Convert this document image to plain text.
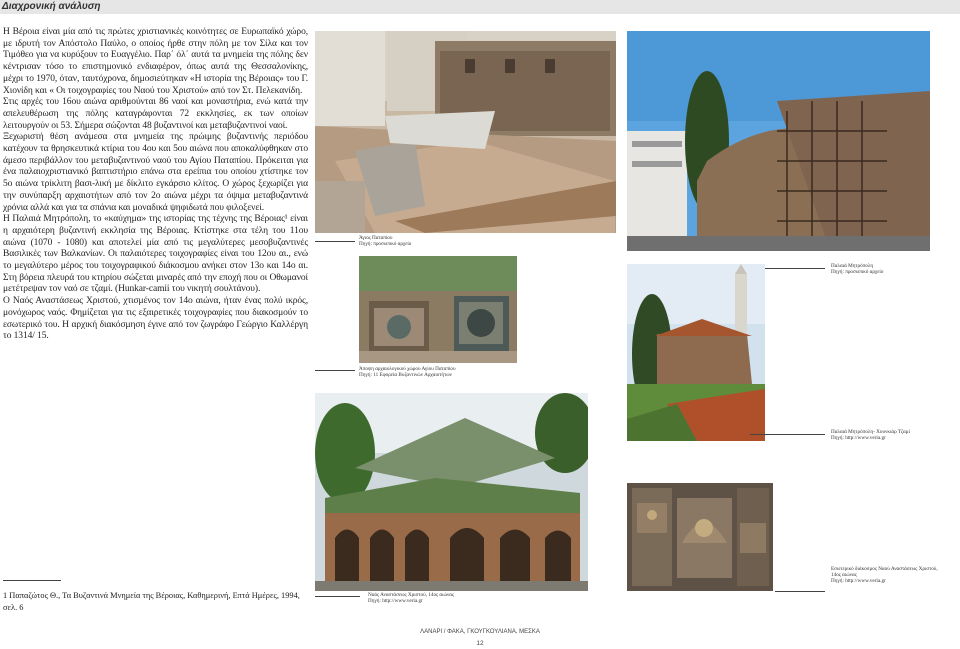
Διαχρονική ανάλυση

Η Βέροια είναι μία από τις πρώτες χριστιανικές κοινότητες σε Ευρωπαϊκό χώρο, με ιδρυτή τον Απόστολο Παύλο, ο οποίος ήρθε στην πόλη με τον Σίλα και τον Τιμόθεο για να κυρύξουν το Ευαγγέλιο. Παρ΄ όλ΄ αυτά τα μνημεία της πόλης δεν κέντρισαν τόσο το επιστημονικό ενδιαφέρον, όπως αυτά της Θεσσαλονίκης, μέχρι το 1970, όταν, ταυτόχρονα, δημοσιεύτηκαν «Η ιστορία της Βέροιας» του Γ. Χιονίδη και « Οι τοιχογραφίες του Ναού του Χριστού» από τον Στ. Πελεκανίδη.

Στις αρχές του 16ου αιώνα αριθμούνται 86 ναοί και μοναστήρια, ενώ κατά την απελευθέρωση της πόλης καταγράφονται 72 εκκλησίες, εκ των οποίων λειτουργούν οι 53. Σήμερα σώζονται 48 βυζαντινοί και μεταβυζαντινοί ναοί.

Ξεχωριστή θέση ανάμεσα στα μνημεία της πρώιμης βυζαντινής περιόδου κατέχουν τα θρησκευτικά κτίρια του 4ου και 5ου αιώνα που αποκαλύφθηκαν στο άμεσο περιβάλλον του μεταβυζαντινού ναού του Αγίου Παταπίου. Πρόκειται για ένα παλαιοχριστιανικό βαπτιστήριο επάνω στα ερείπια του οποίου χτίστηκε τον 5ο αιώνα τρίκλιτη βασι-λική με δίκλιτο εγκάρσιο κλίτος. Ο χώρος ξεχωρίζει για την συνύπαρξη αρχαιοτήτων από τον 2ο αιώνα μέχρι τα όψιμα μεταβυζαντινά χρόνια αλλά και για τα σπάνια και μοναδικά ψηφιδωτά που φιλοξενεί.

Η Παλαιά Μητρόπολη, το «καύχημα» της ιστορίας της τέχνης της Βέροιας¹ είναι η αρχαιότερη βυζαντινή εκκλησία της Βέροιας. Κτίστηκε στα τέλη του 11ου αιώνα (1070 - 1080) και αποτελεί μία από τις μεγαλύτερες μεσοβυζαντινές Βασιλικές των Βαλκανίων. Οι παλαιότερες τοιχογραφίες είναι του 12ου αι., ενώ το μεγαλύτερο μέρος του τοιχογραφικού διάκοσμου ανήκει στον 13ο και 14ο αι. Στη βόρεια πλευρά του κτηρίου σώζεται μιναρές από την εποχή που οι Οθωμανοί μετέτρεψαν τον ναό σε τζαμί. (Hunkar-camii του νικητή σουλτάνου).

Ο Ναός Αναστάσεως Χριστού, χτισμένος τον 14ο αιώνα, ήταν ένας πολύ ικρός, μονόχωρος ναός. Φημίζεται για τις εξαιρετικές τοιχογραφίες που διακοσμούν το εσωτερικό του. Η αρχική διακόσμηση έγινε από τον ζωγράφο Γεώργιο Καλλέργη το 1314/ 15.

Άγιος Παταπίου
Πηγή: προσωπικό αρχείο
Παλαιά Μητρόπολη
Πηγή: προσωπικό αρχείο
Άποψη αρχαιολογικού χώρου Αγίου Παταπίου
Πηγή: 11 Εφορεία Βυζαντινών Αρχαιοτήτων
Παλαιά Μητρόπολη- Χουνκιάρ Τζαμί
Πηγή: http://www.veria.gr
Ναός Αναστάσεως Χριστού, 14ος αιώνας
Πηγή: http://www.veria.gr
Εσωτερικό διάκοσμος Ναού Αναστάσεως Χριστού, 14ος αιώνας
Πηγή: http://www.veria.gr
1 Παπαζώτος Θ., Τα Βυζαντινά Μνημεία της Βέροιας, Καθημερινή, Επτά Ημέρες, 1994, σελ. 6
ΛΑΝΑΡΙ / ΦΑΚΑ, ΓΚΟΥΓΚΟΥΛΙΑΝΑ, ΜΕΣΚΑ
12
